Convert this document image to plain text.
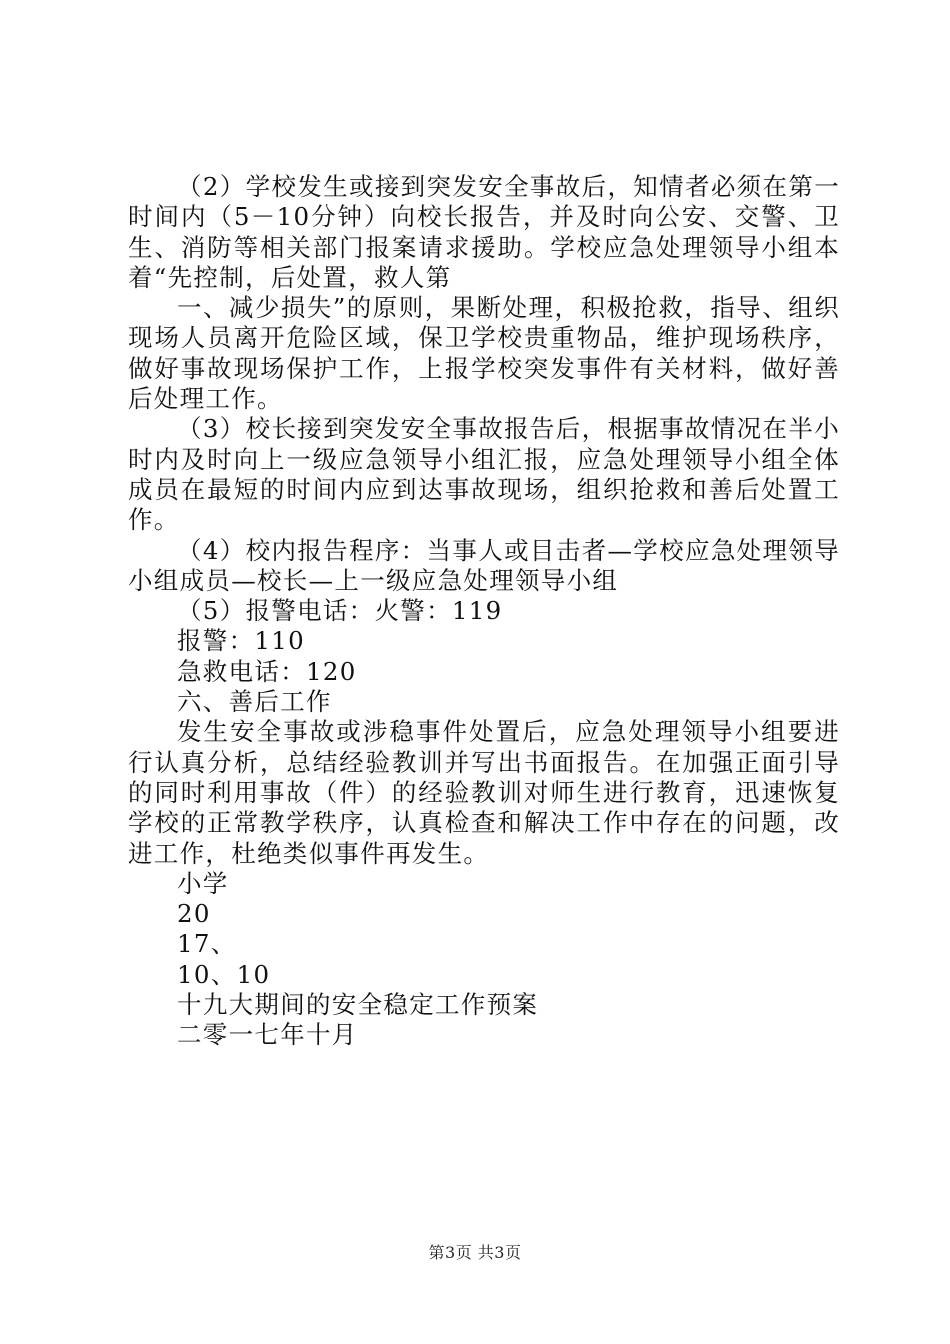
（2）学校发生或接到突发安全事故后，知情者必须在第一时间内（5－10分钟）向校长报告，并及时向公安、交警、卫生、消防等相关部门报案请求援助。学校应急处理领导小组本着“先控制，后处置，救人第

一、减少损失”的原则，果断处理，积极抢救，指导、组织现场人员离开危险区域，保卫学校贵重物品，维护现场秩序，做好事故现场保护工作，上报学校突发事件有关材料，做好善后处理工作。

（3）校长接到突发安全事故报告后，根据事故情况在半小时内及时向上一级应急领导小组汇报，应急处理领导小组全体成员在最短的时间内应到达事故现场，组织抢救和善后处置工作。

（4）校内报告程序：当事人或目击者—学校应急处理领导小组成员—校长—上一级应急处理领导小组

（5）报警电话：火警：119

报警：110

急救电话：120

六、善后工作

发生安全事故或涉稳事件处置后，应急处理领导小组要进行认真分析，总结经验教训并写出书面报告。在加强正面引导的同时利用事故（件）的经验教训对师生进行教育，迅速恢复学校的正常教学秩序，认真检查和解决工作中存在的问题，改进工作，杜绝类似事件再发生。

小学

20

17、

10、10

十九大期间的安全稳定工作预案

二零一七年十月

第3页 共3页
